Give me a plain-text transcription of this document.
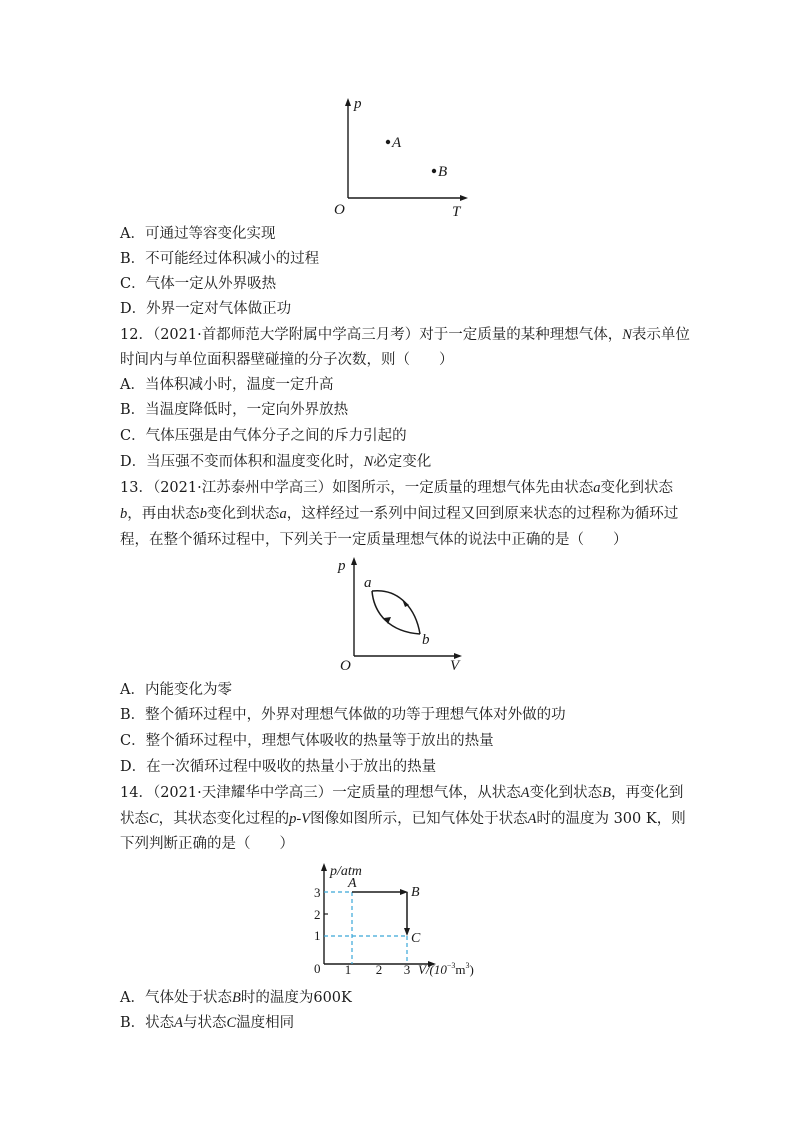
p
T
O
A
B
A．可通过等容变化实现
B．不可能经过体积减小的过程
C．气体一定从外界吸热
D．外界一定对气体做正功
12．（2021·首都师范大学附属中学高三月考）对于一定质量的某种理想气体，N表示单位
时间内与单位面积器壁碰撞的分子次数，则（　　）
A．当体积减小时，温度一定升高
B．当温度降低时，一定向外界放热
C．气体压强是由气体分子之间的斥力引起的
D．当压强不变而体积和温度变化时，N必定变化
13．（2021·江苏泰州中学高三）如图所示，一定质量的理想气体先由状态a变化到状态
b，再由状态b变化到状态a，这样经过一系列中间过程又回到原来状态的过程称为循环过
程，在整个循环过程中，下列关于一定质量理想气体的说法中正确的是（　　）
p
V
O
a
b
A．内能变化为零
B．整个循环过程中，外界对理想气体做的功等于理想气体对外做的功
C．整个循环过程中，理想气体吸收的热量等于放出的热量
D．在一次循环过程中吸收的热量小于放出的热量
14．（2021·天津耀华中学高三）一定质量的理想气体，从状态A变化到状态B，再变化到
状态C，其状态变化过程的p-V图像如图所示，已知气体处于状态A时的温度为 300 K，则
下列判断正确的是（　　）
p/atm
0 1 2 3
1
2
3
A
B
C
$V/(10^{-3}m^3)$
A．气体处于状态B时的温度为600K
B．状态A与状态C温度相同
